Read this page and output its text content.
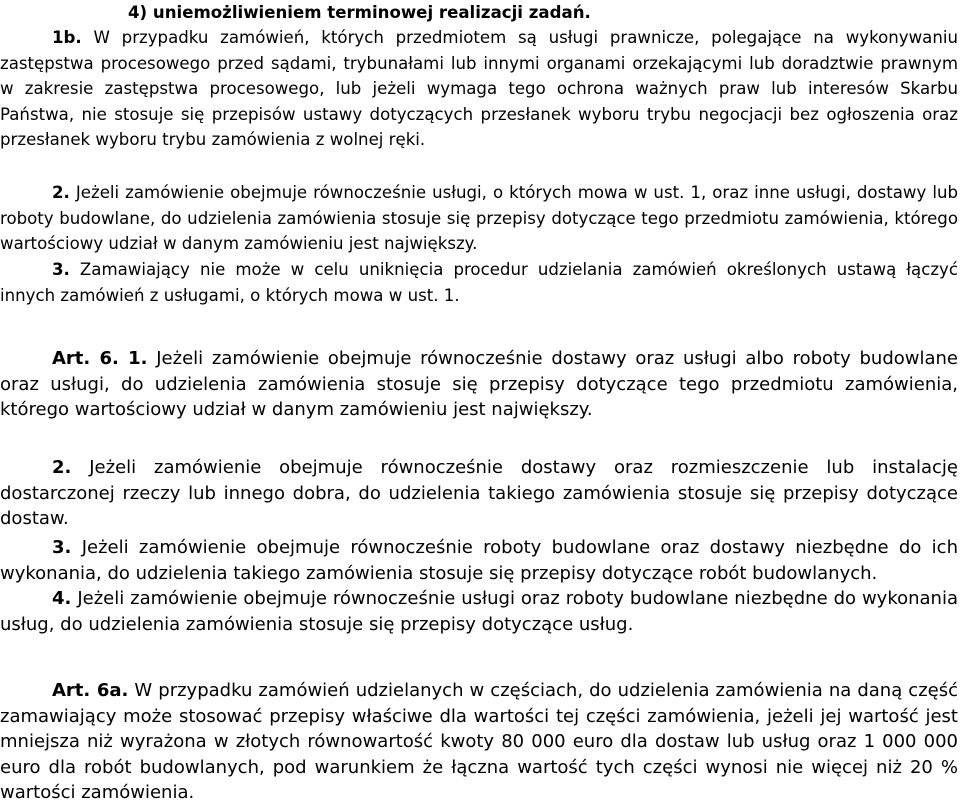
4) uniemożliwieniem terminowej realizacji zadań.

1b. W przypadku zamówień, których przedmiotem są usługi prawnicze, polegające na wykonywaniu zastępstwa procesowego przed sądami, trybunałami lub innymi organami orzekającymi lub doradztwie prawnym w zakresie zastępstwa procesowego, lub jeżeli wymaga tego ochrona ważnych praw lub interesów Skarbu Państwa, nie stosuje się przepisów ustawy dotyczących przesłanek wyboru trybu negocjacji bez ogłoszenia oraz przesłanek wyboru trybu zamówienia z wolnej ręki.

2. Jeżeli zamówienie obejmuje równocześnie usługi, o których mowa w ust. 1, oraz inne usługi, dostawy lub roboty budowlane, do udzielenia zamówienia stosuje się przepisy dotyczące tego przedmiotu zamówienia, którego wartościowy udział w danym zamówieniu jest największy.

3. Zamawiający nie może w celu uniknięcia procedur udzielania zamówień określonych ustawą łączyć innych zamówień z usługami, o których mowa w ust. 1.

Art. 6. 1. Jeżeli zamówienie obejmuje równocześnie dostawy oraz usługi albo roboty budowlane oraz usługi, do udzielenia zamówienia stosuje się przepisy dotyczące tego przedmiotu zamówienia, którego wartościowy udział w danym zamówieniu jest największy.

2. Jeżeli zamówienie obejmuje równocześnie dostawy oraz rozmieszczenie lub instalację dostarczonej rzeczy lub innego dobra, do udzielenia takiego zamówienia stosuje się przepisy dotyczące dostaw.

3. Jeżeli zamówienie obejmuje równocześnie roboty budowlane oraz dostawy niezbędne do ich wykonania, do udzielenia takiego zamówienia stosuje się przepisy dotyczące robót budowlanych.

4. Jeżeli zamówienie obejmuje równocześnie usługi oraz roboty budowlane niezbędne do wykonania usług, do udzielenia zamówienia stosuje się przepisy dotyczące usług.

Art. 6a. W przypadku zamówień udzielanych w częściach, do udzielenia zamówienia na daną część zamawiający może stosować przepisy właściwe dla wartości tej części zamówienia, jeżeli jej wartość jest mniejsza niż wyrażona w złotych równowartość kwoty 80 000 euro dla dostaw lub usług oraz 1 000 000 euro dla robót budowlanych, pod warunkiem że łączna wartość tych części wynosi nie więcej niż 20 % wartości zamówienia.
